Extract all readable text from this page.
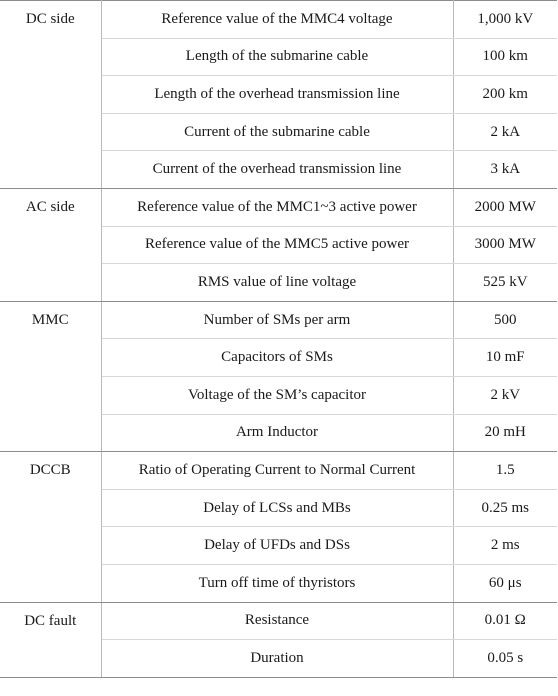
DC side	Reference value of the MMC4 voltage	1,000 kV
	Length of the submarine cable	100 km
	Length of the overhead transmission line	200 km
	Current of the submarine cable	2 kA
	Current of the overhead transmission line	3 kA
AC side	Reference value of the MMC1~3 active power	2000 MW
	Reference value of the MMC5 active power	3000 MW
	RMS value of line voltage	525 kV
MMC	Number of SMs per arm	500
	Capacitors of SMs	10 mF
	Voltage of the SM’s capacitor	2 kV
	Arm Inductor	20 mH
DCCB	Ratio of Operating Current to Normal Current	1.5
	Delay of LCSs and MBs	0.25 ms
	Delay of UFDs and DSs	2 ms
	Turn off time of thyristors	60 μs
DC fault	Resistance	0.01 Ω
	Duration	0.05 s
